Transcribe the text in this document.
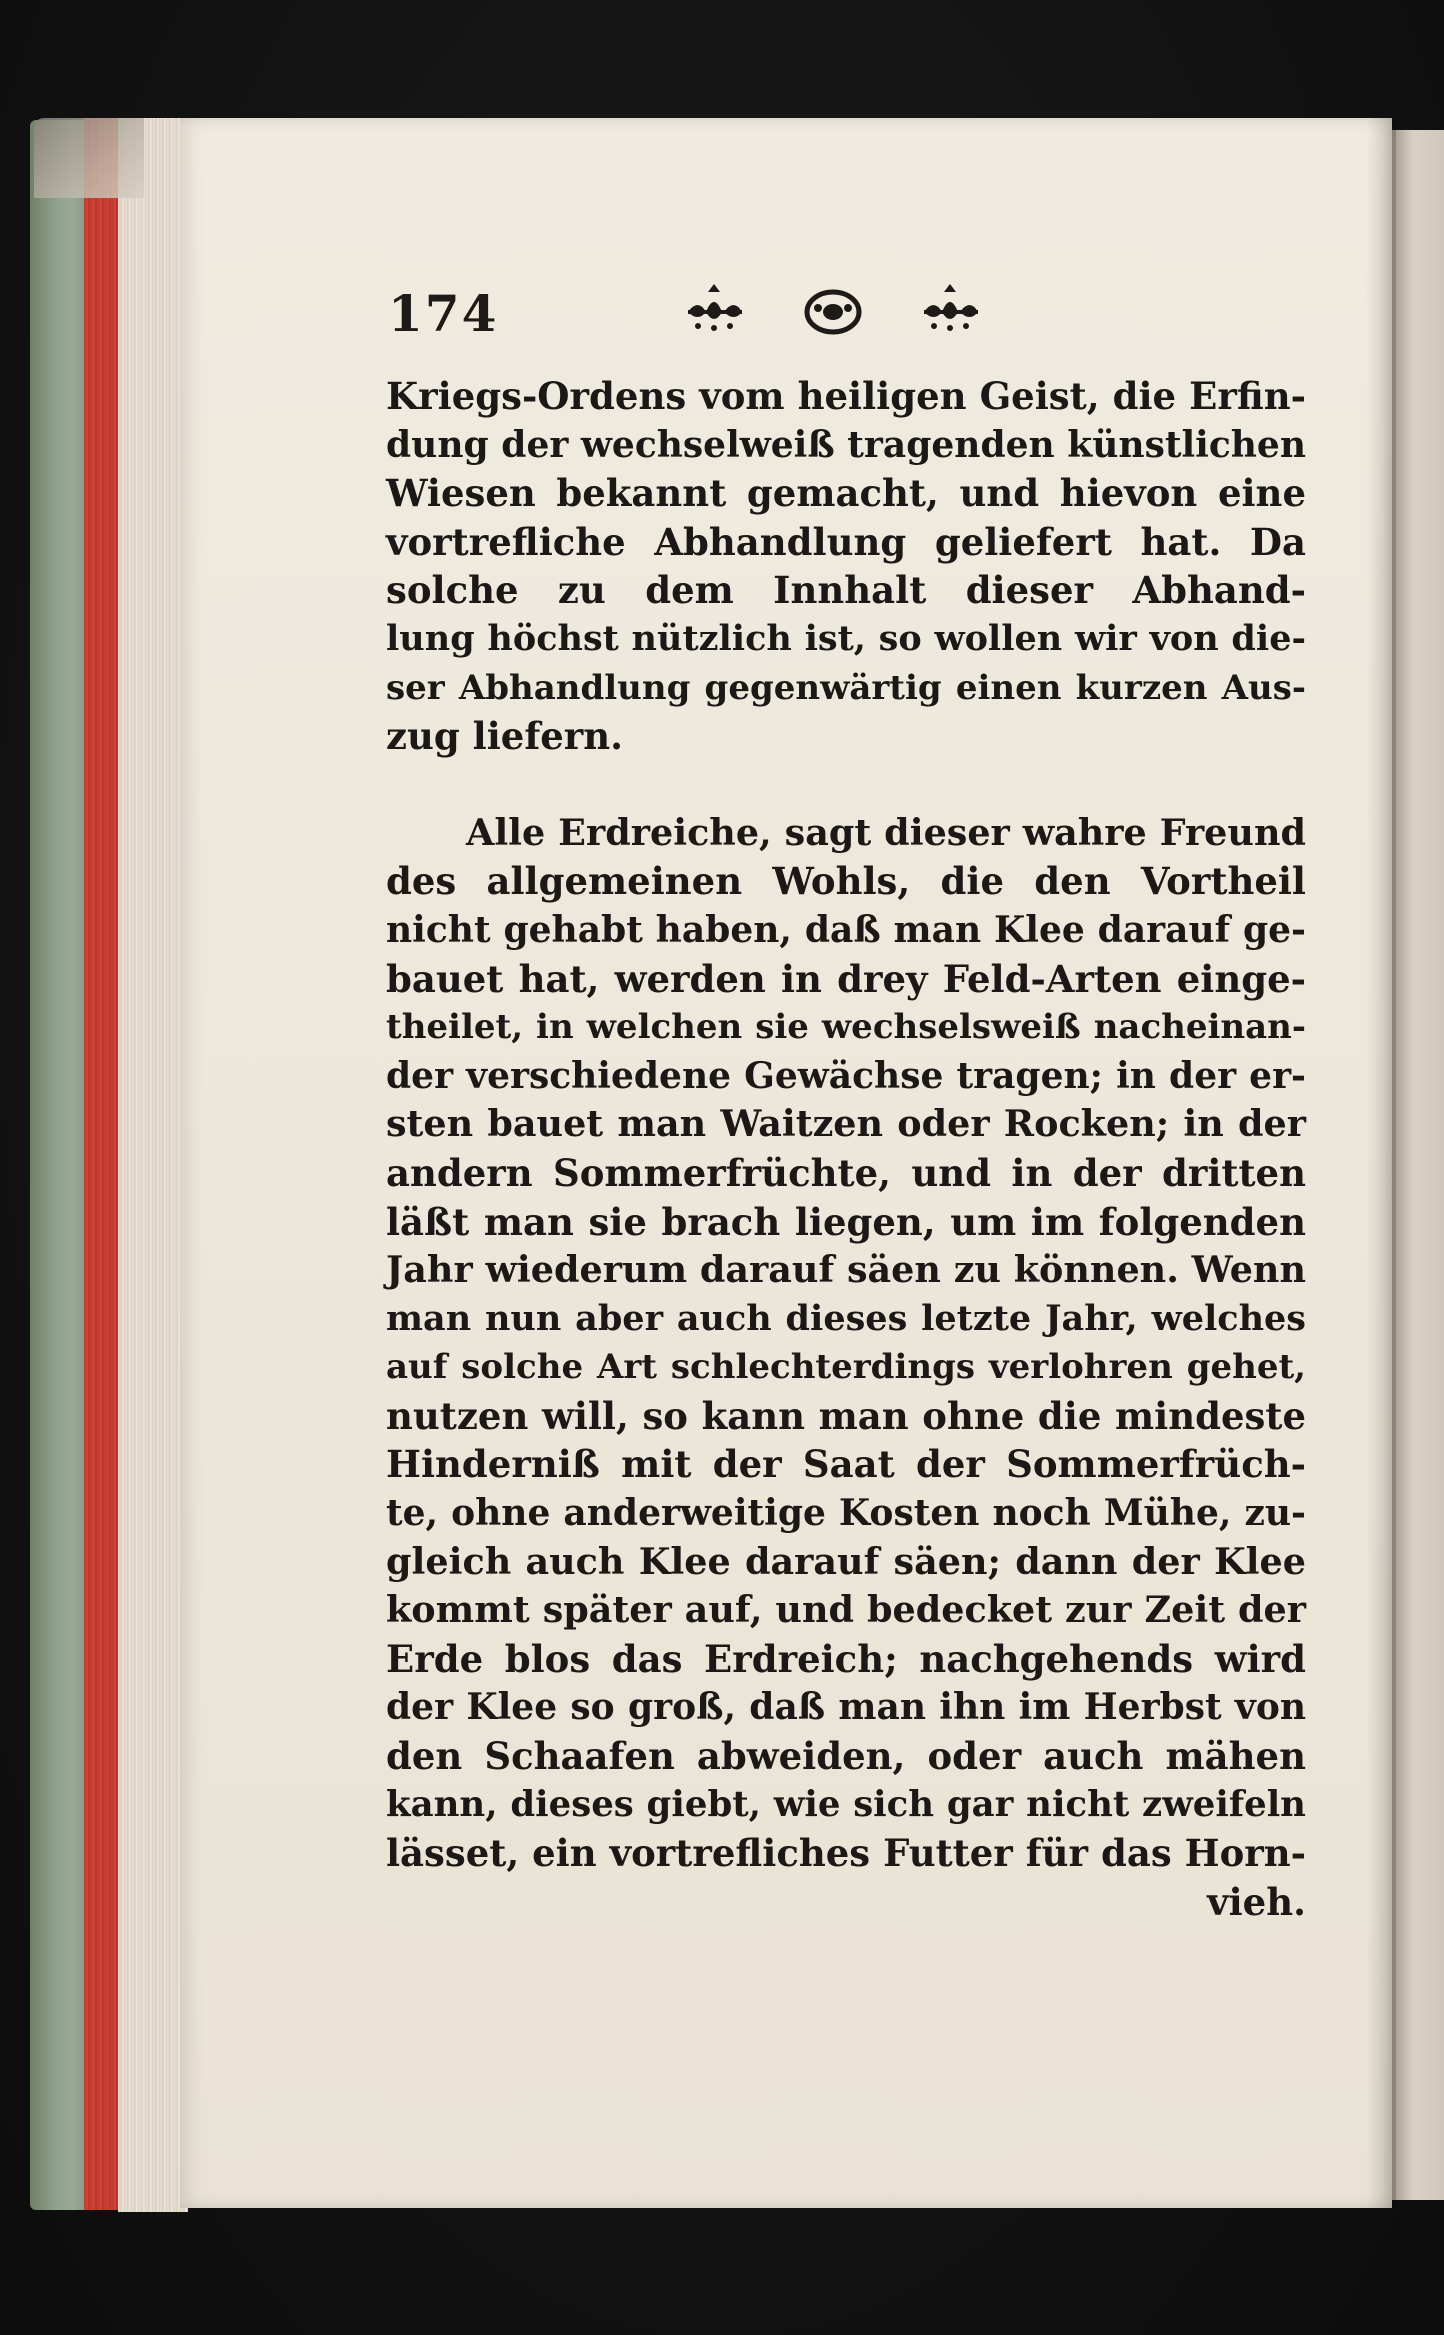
174
Kriegs-Ordens vom heiligen Geist, die Erfin-
dung der wechselweiß tragenden künstlichen
Wiesen bekannt gemacht, und hievon eine
vortrefliche Abhandlung geliefert hat. Da
solche zu dem Innhalt dieser Abhand-
lung höchst nützlich ist, so wollen wir von die-
ser Abhandlung gegenwärtig einen kurzen Aus-
zug liefern.
Alle Erdreiche, sagt dieser wahre Freund
des allgemeinen Wohls, die den Vortheil
nicht gehabt haben, daß man Klee darauf ge-
bauet hat, werden in drey Feld-Arten einge-
theilet, in welchen sie wechselsweiß nacheinan-
der verschiedene Gewächse tragen; in der er-
sten bauet man Waitzen oder Rocken; in der
andern Sommerfrüchte, und in der dritten
läßt man sie brach liegen, um im folgenden
Jahr wiederum darauf säen zu können. Wenn
man nun aber auch dieses letzte Jahr, welches
auf solche Art schlechterdings verlohren gehet,
nutzen will, so kann man ohne die mindeste
Hinderniß mit der Saat der Sommerfrüch-
te, ohne anderweitige Kosten noch Mühe, zu-
gleich auch Klee darauf säen; dann der Klee
kommt später auf, und bedecket zur Zeit der
Erde blos das Erdreich; nachgehends wird
der Klee so groß, daß man ihn im Herbst von
den Schaafen abweiden, oder auch mähen
kann, dieses giebt, wie sich gar nicht zweifeln
lässet, ein vortrefliches Futter für das Horn-
vieh.
